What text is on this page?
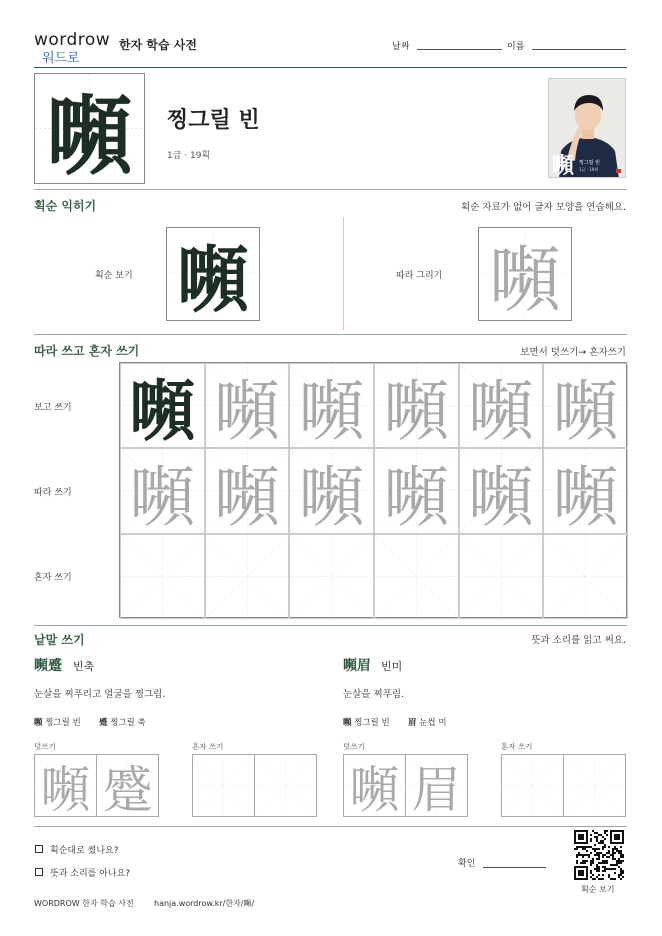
wordrow
워드로
한자 학습 사전	날짜	이름
嚬	찡그릴 빈
1급 · 19획	嚬 찡그릴 빈
1급 · 19획
획순 익히기	획순 자료가 없어 글자 모양을 연습해요.
획순 보기 嚬	따라 그리기 嚬
따라 쓰고 혼자 쓰기	보면서 덧쓰기→ 혼자쓰기
보고 쓰기
따라 쓰기
혼자 쓰기
嚬 嚬 嚬 嚬 嚬 嚬
嚬 嚬 嚬 嚬 嚬 嚬
낱말 쓰기	뜻과 소리를 읽고 써요.
嚬蹙 빈축
눈살을 찌푸리고 얼굴을 찡그림.
嚬 찡그릴 빈 蹙 찡그릴 축
덧쓰기	혼자 쓰기
嚬 蹙
嚬眉 빈미
눈살을 찌푸림.
嚬 찡그릴 빈 眉 눈썹 미
덧쓰기	혼자 쓰기
嚬 眉
획순대로 썼나요?
뜻과 소리를 아나요?
확인
획순 보기
WORDROW 한자 학습 사전	hanja.wordrow.kr/한자/嚬/
